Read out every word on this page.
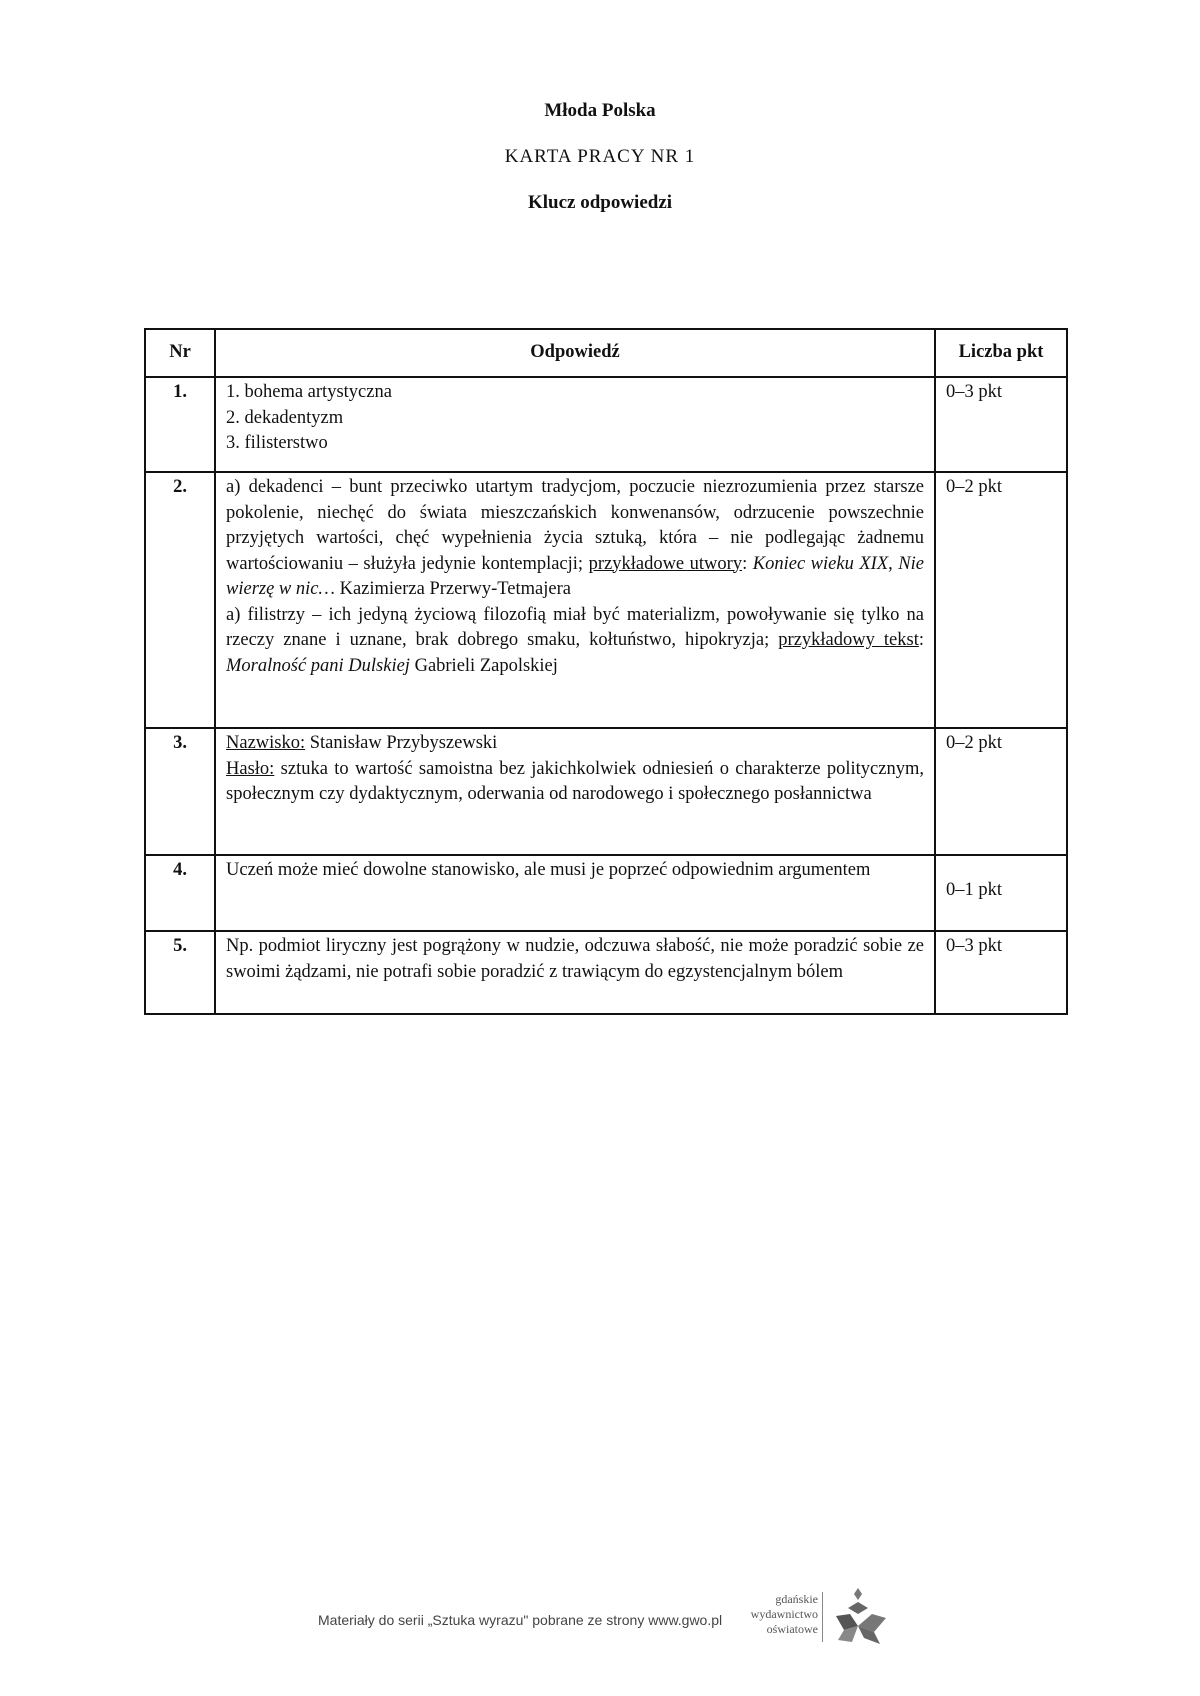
Młoda Polska
KARTA PRACY NR 1
Klucz odpowiedzi
Nr	Odpowiedź	Liczba pkt
1.	1. bohema artystyczna
2. dekadentyzm
3. filisterstwo	0–3 pkt
2.	a) dekadenci – bunt przeciwko utartym tradycjom, poczucie niezrozumienia przez starsze pokolenie, niechęć do świata mieszczańskich konwenansów, odrzucenie powszechnie przyjętych wartości, chęć wypełnienia życia sztuką, która – nie podlegając żadnemu wartościowaniu – służyła jedynie kontemplacji; przykładowe utwory: Koniec wieku XIX, Nie wierzę w nic… Kazimierza Przerwy-Tetmajera
a) filistrzy – ich jedyną życiową filozofią miał być materializm, powoływanie się tylko na rzeczy znane i uznane, brak dobrego smaku, kołtuństwo, hipokryzja; przykładowy tekst: Moralność pani Dulskiej Gabrieli Zapolskiej	0–2 pkt
3.	Nazwisko: Stanisław Przybyszewski
Hasło: sztuka to wartość samoistna bez jakichkolwiek odniesień o charakterze politycznym, społecznym czy dydaktycznym, oderwania od narodowego i społecznego posłannictwa	0–2 pkt
4.	Uczeń może mieć dowolne stanowisko, ale musi je poprzeć odpowiednim argumentem	0–1 pkt
5.	Np. podmiot liryczny jest pogrążony w nudzie, odczuwa słabość, nie może poradzić sobie ze swoimi żądzami, nie potrafi sobie poradzić z trawiącym do egzystencjalnym bólem	0–3 pkt
Materiały do serii „Sztuka wyrazu" pobrane ze strony www.gwo.pl
gdańskie
wydawnictwo
oświatowe
